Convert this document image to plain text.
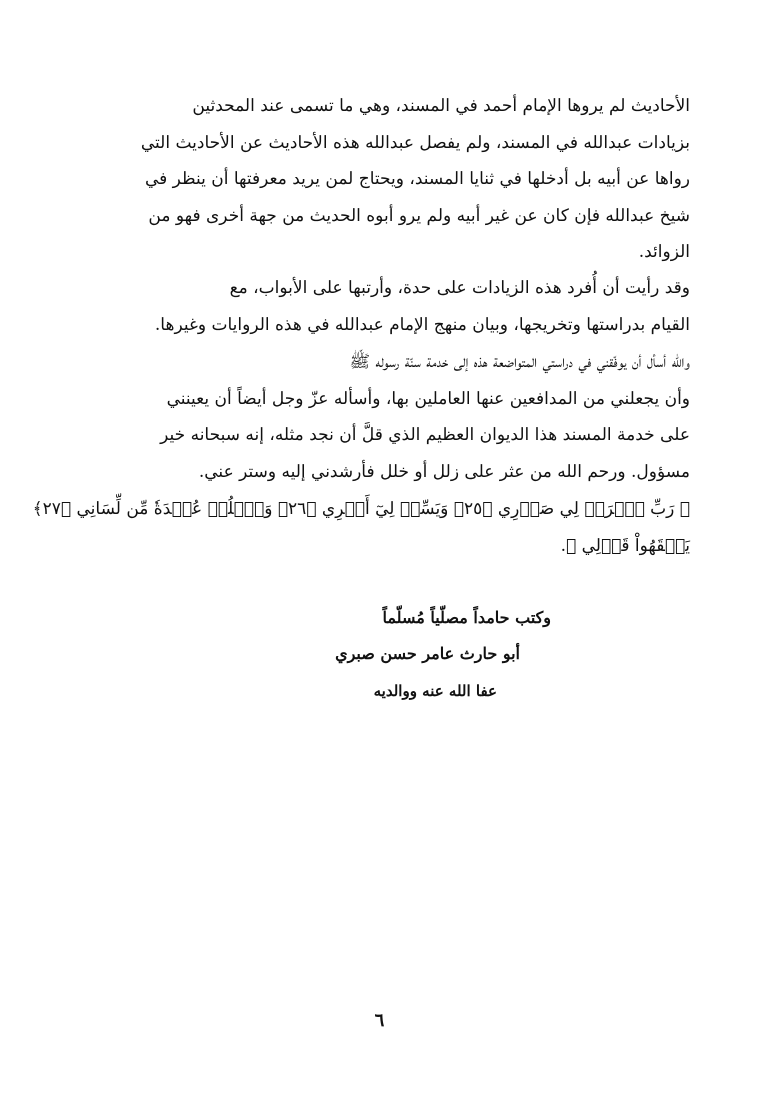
الأحاديث لم يروها الإمام أحمد في المسند، وهي ما تسمى عند المحدثين
بزيادات عبدالله في المسند، ولم يفصل عبدالله هذه الأحاديث عن الأحاديث التي
رواها عن أبيه بل أدخلها في ثنايا المسند، ويحتاج لمن يريد معرفتها أن ينظر في
شيخ عبدالله فإن كان عن غير أبيه ولم يرو أبوه الحديث من جهة أخرى فهو من
الزوائد.
وقد رأيت أن أُفرد هذه الزيادات على حدة، وأرتبها على الأبواب، مع
القيام بدراستها وتخريجها، وبيان منهج الإمام عبدالله في هذه الروايات وغيرها.
والله أسأل أن يوفّقني في دراستي المتواضعة هذه إلى خدمة سنّة رسوله ﷺ
وأن يجعلني من المدافعين عنها العاملين بها، وأسأله عزّ وجل أيضاً أن يعينني
على خدمة المسند هذا الديوان العظيم الذي قلَّ أن نجد مثله، إنه سبحانه خير
مسؤول. ورحم الله من عثر على زلل أو خلل فأرشدني إليه وستر عني.
﴿ رَبِّ ٱشۡرَحۡ لِي صَدۡرِي ﴿٢٥﴾ وَيَسِّرۡ لِيٓ أَمۡرِي ﴿٢٦﴾ وَٱحۡلُلۡ عُقۡدَةٗ مِّن لِّسَانِي ﴿٢٧﴾
يَفۡقَهُواْ قَوۡلِي ﴾.
وكتب حامداً مصلّياً مُسلّماً
أبو حارث عامر حسن صبري
عفا الله عنه ووالديه
٦
